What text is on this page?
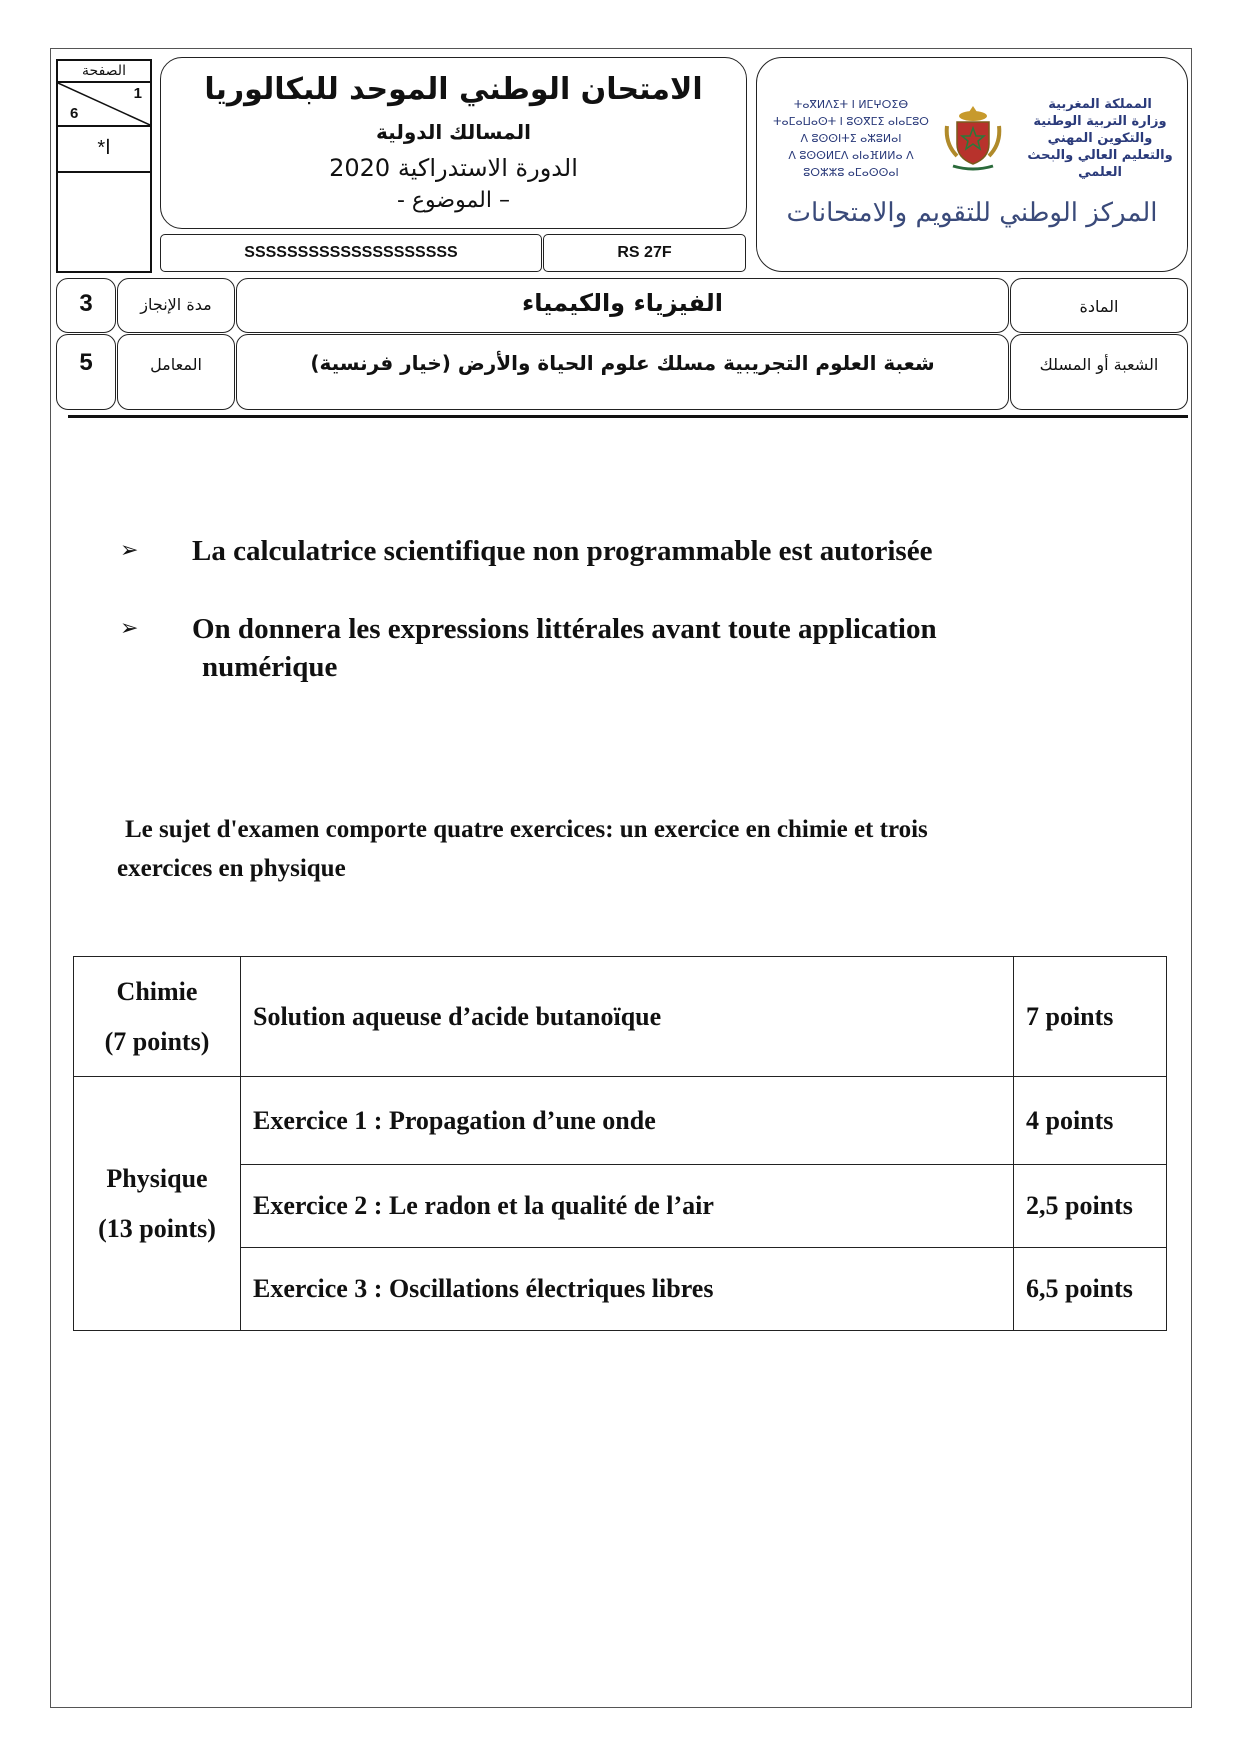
الصفحة
1
6
*ا
الامتحان الوطني الموحد للبكالوريا
المسالك الدولية
الدورة الاستدراكية 2020
- الموضوع –
SSSSSSSSSSSSSSSSSSSS	RS 27F
ⵜⴰⴳⵍⴷⵉⵜ ⵏ ⵍⵎⵖⵔⵉⴱ
ⵜⴰⵎⴰⵡⴰⵙⵜ ⵏ ⵓⵙⴳⵎⵉ ⴰⵏⴰⵎⵓⵔ
ⴷ ⵓⵙⵙⵏⵜⵉ ⴰⵣⵓⵍⴰⵏ
ⴷ ⵓⵙⵙⵍⵎⴷ ⴰⵏⴰⴼⵍⵍⴰ ⴷ ⵓⵔⵣⵣⵓ ⴰⵎⴰⵙⵙⴰⵏ
المملكة المغربية
وزارة التربية الوطنية
والتكوين المهني
والتعليم العالي والبحث العلمي
المركز الوطني للتقويم والامتحانات
3	مدة الإنجاز	الفيزياء والكيمياء	المادة
5	المعامل	شعبة العلوم التجريبية مسلك علوم الحياة والأرض (خيار فرنسية)	الشعبة أو المسلك
➢ La calculatrice scientifique non programmable est autorisée
➢ On donnera les expressions littérales avant toute application
numérique
Le sujet d'examen comporte quatre exercices: un exercice en chimie et trois
exercices en physique
Chimie
(7 points)	Solution aqueuse d’acide butanoïque	7 points

Physique
(13 points)	Exercice 1 : Propagation d’une onde	4 points
	Exercice 2 : Le radon et la qualité de l’air	2,5 points
	Exercice 3 : Oscillations électriques libres	6,5 points
